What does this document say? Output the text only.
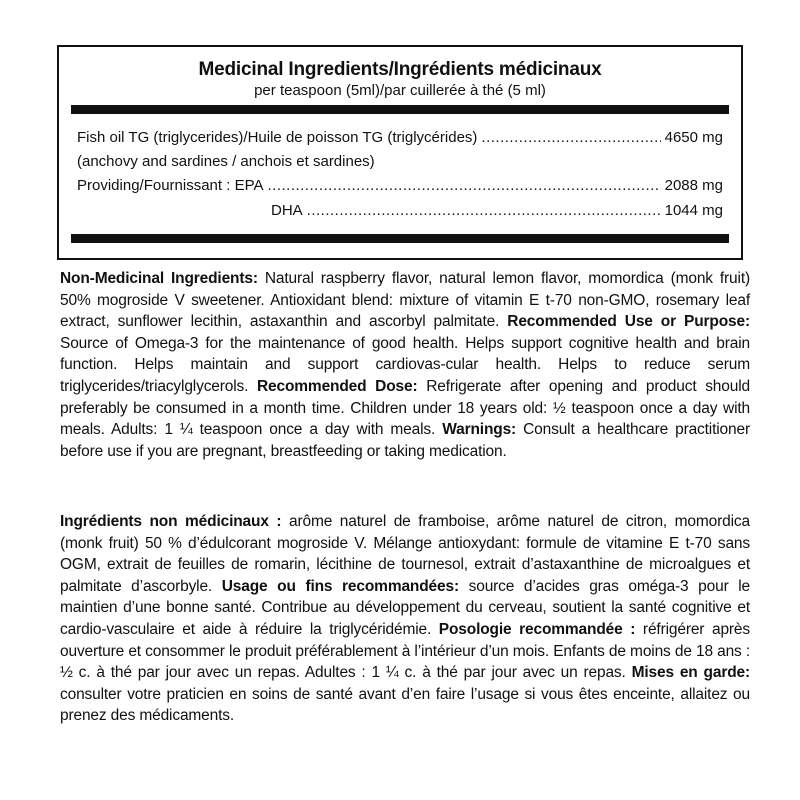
Medicinal Ingredients/Ingrédients médicinaux
per teaspoon (5ml)/par cuillerée à thé (5 ml)
Fish oil TG (triglycerides)/Huile de poisson TG (triglycérides) .....	4650 mg
(anchovy and sardines / anchois et sardines)
Providing/Fournissant : EPA .....	2088 mg
DHA .....	1044 mg
Non-Medicinal Ingredients: Natural raspberry flavor, natural lemon flavor, momordica (monk fruit) 50% mogroside V sweetener. Antioxidant blend: mixture of vitamin E t-70 non-GMO, rosemary leaf extract, sunflower lecithin, astaxanthin and ascorbyl palmitate. Recommended Use or Purpose: Source of Omega-3 for the maintenance of good health. Helps support cognitive health and brain function. Helps maintain and support cardiovas-cular health. Helps to reduce serum triglycerides/triacylglycerols. Recommended Dose: Refrigerate after opening and product should preferably be consumed in a month time. Children under 18 years old: ½ teaspoon once a day with meals. Adults: 1 ¼ teaspoon once a day with meals. Warnings: Consult a healthcare practitioner before use if you are pregnant, breastfeeding or taking medication.
Ingrédients non médicinaux : arôme naturel de framboise, arôme naturel de citron, momordica (monk fruit) 50 % d’édulcorant mogroside V. Mélange antioxydant: formule de vitamine E t-70 sans OGM, extrait de feuilles de romarin, lécithine de tournesol, extrait d’astaxanthine de microalgues et palmitate d’ascorbyle. Usage ou fins recommandées: source d’acides gras oméga-3 pour le maintien d’une bonne santé. Contribue au développement du cerveau, soutient la santé cognitive et cardio-vasculaire et aide à réduire la triglycéridémie. Posologie recommandée : réfrigérer après ouverture et consommer le produit préférablement à l’intérieur d’un mois. Enfants de moins de 18 ans : ½ c. à thé par jour avec un repas. Adultes : 1 ¼ c. à thé par jour avec un repas. Mises en garde: consulter votre praticien en soins de santé avant d’en faire l’usage si vous êtes enceinte, allaitez ou prenez des médicaments.
